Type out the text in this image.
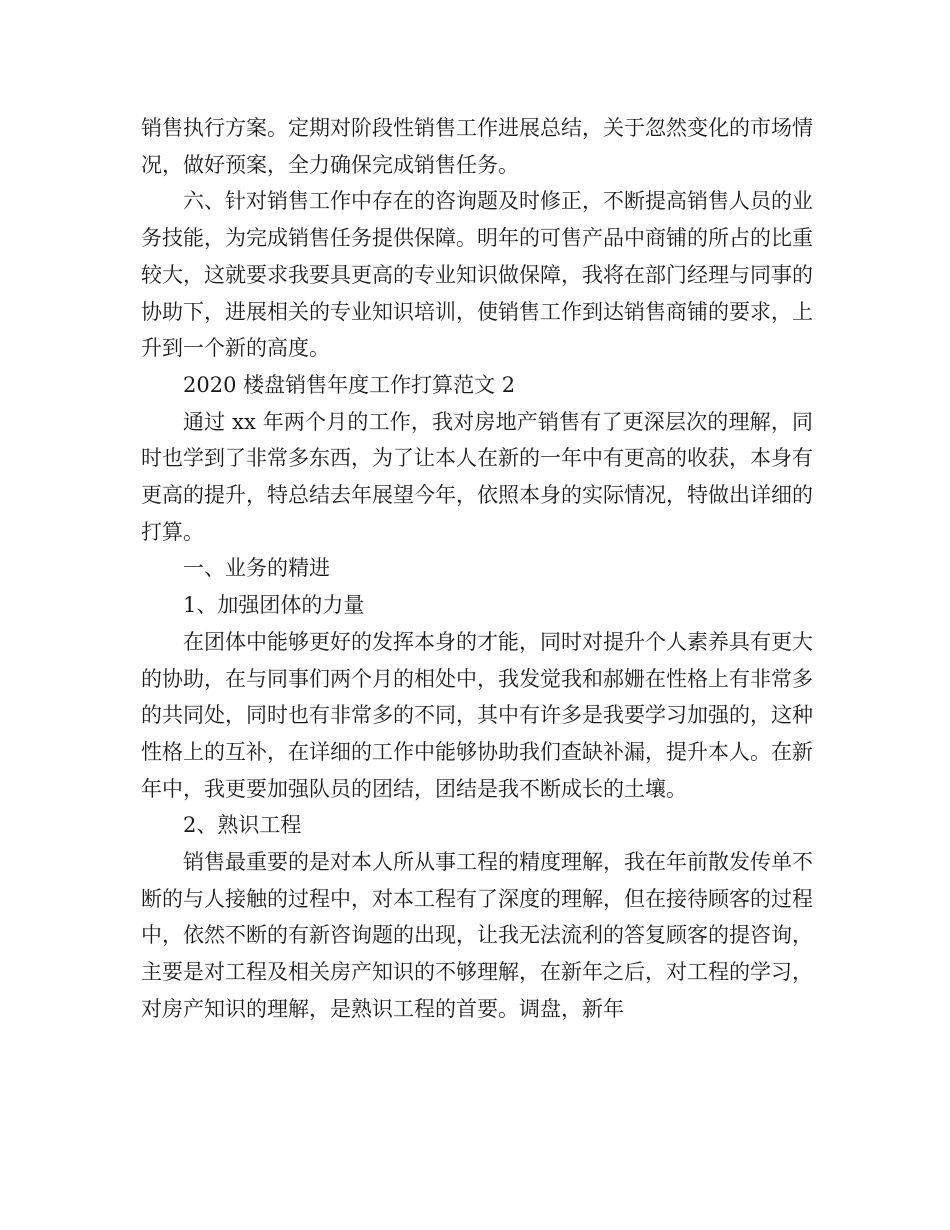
销售执行方案。定期对阶段性销售工作进展总结，关于忽然变化的市场情况，做好预案，全力确保完成销售任务。

六、针对销售工作中存在的咨询题及时修正，不断提高销售人员的业务技能，为完成销售任务提供保障。明年的可售产品中商铺的所占的比重较大，这就要求我要具更高的专业知识做保障，我将在部门经理与同事的协助下，进展相关的专业知识培训，使销售工作到达销售商铺的要求，上升到一个新的高度。

2020 楼盘销售年度工作打算范文 2

通过 xx 年两个月的工作，我对房地产销售有了更深层次的理解，同时也学到了非常多东西，为了让本人在新的一年中有更高的收获，本身有更高的提升，特总结去年展望今年，依照本身的实际情况，特做出详细的打算。

一、业务的精进

1、加强团体的力量

在团体中能够更好的发挥本身的才能，同时对提升个人素养具有更大的协助，在与同事们两个月的相处中，我发觉我和郝姗在性格上有非常多的共同处，同时也有非常多的不同，其中有许多是我要学习加强的，这种性格上的互补，在详细的工作中能够协助我们查缺补漏，提升本人。在新年中，我更要加强队员的团结，团结是我不断成长的土壤。

2、熟识工程

销售最重要的是对本人所从事工程的精度理解，我在年前散发传单不断的与人接触的过程中，对本工程有了深度的理解，但在接待顾客的过程中，依然不断的有新咨询题的出现，让我无法流利的答复顾客的提咨询，主要是对工程及相关房产知识的不够理解，在新年之后，对工程的学习，对房产知识的理解，是熟识工程的首要。调盘，新年
